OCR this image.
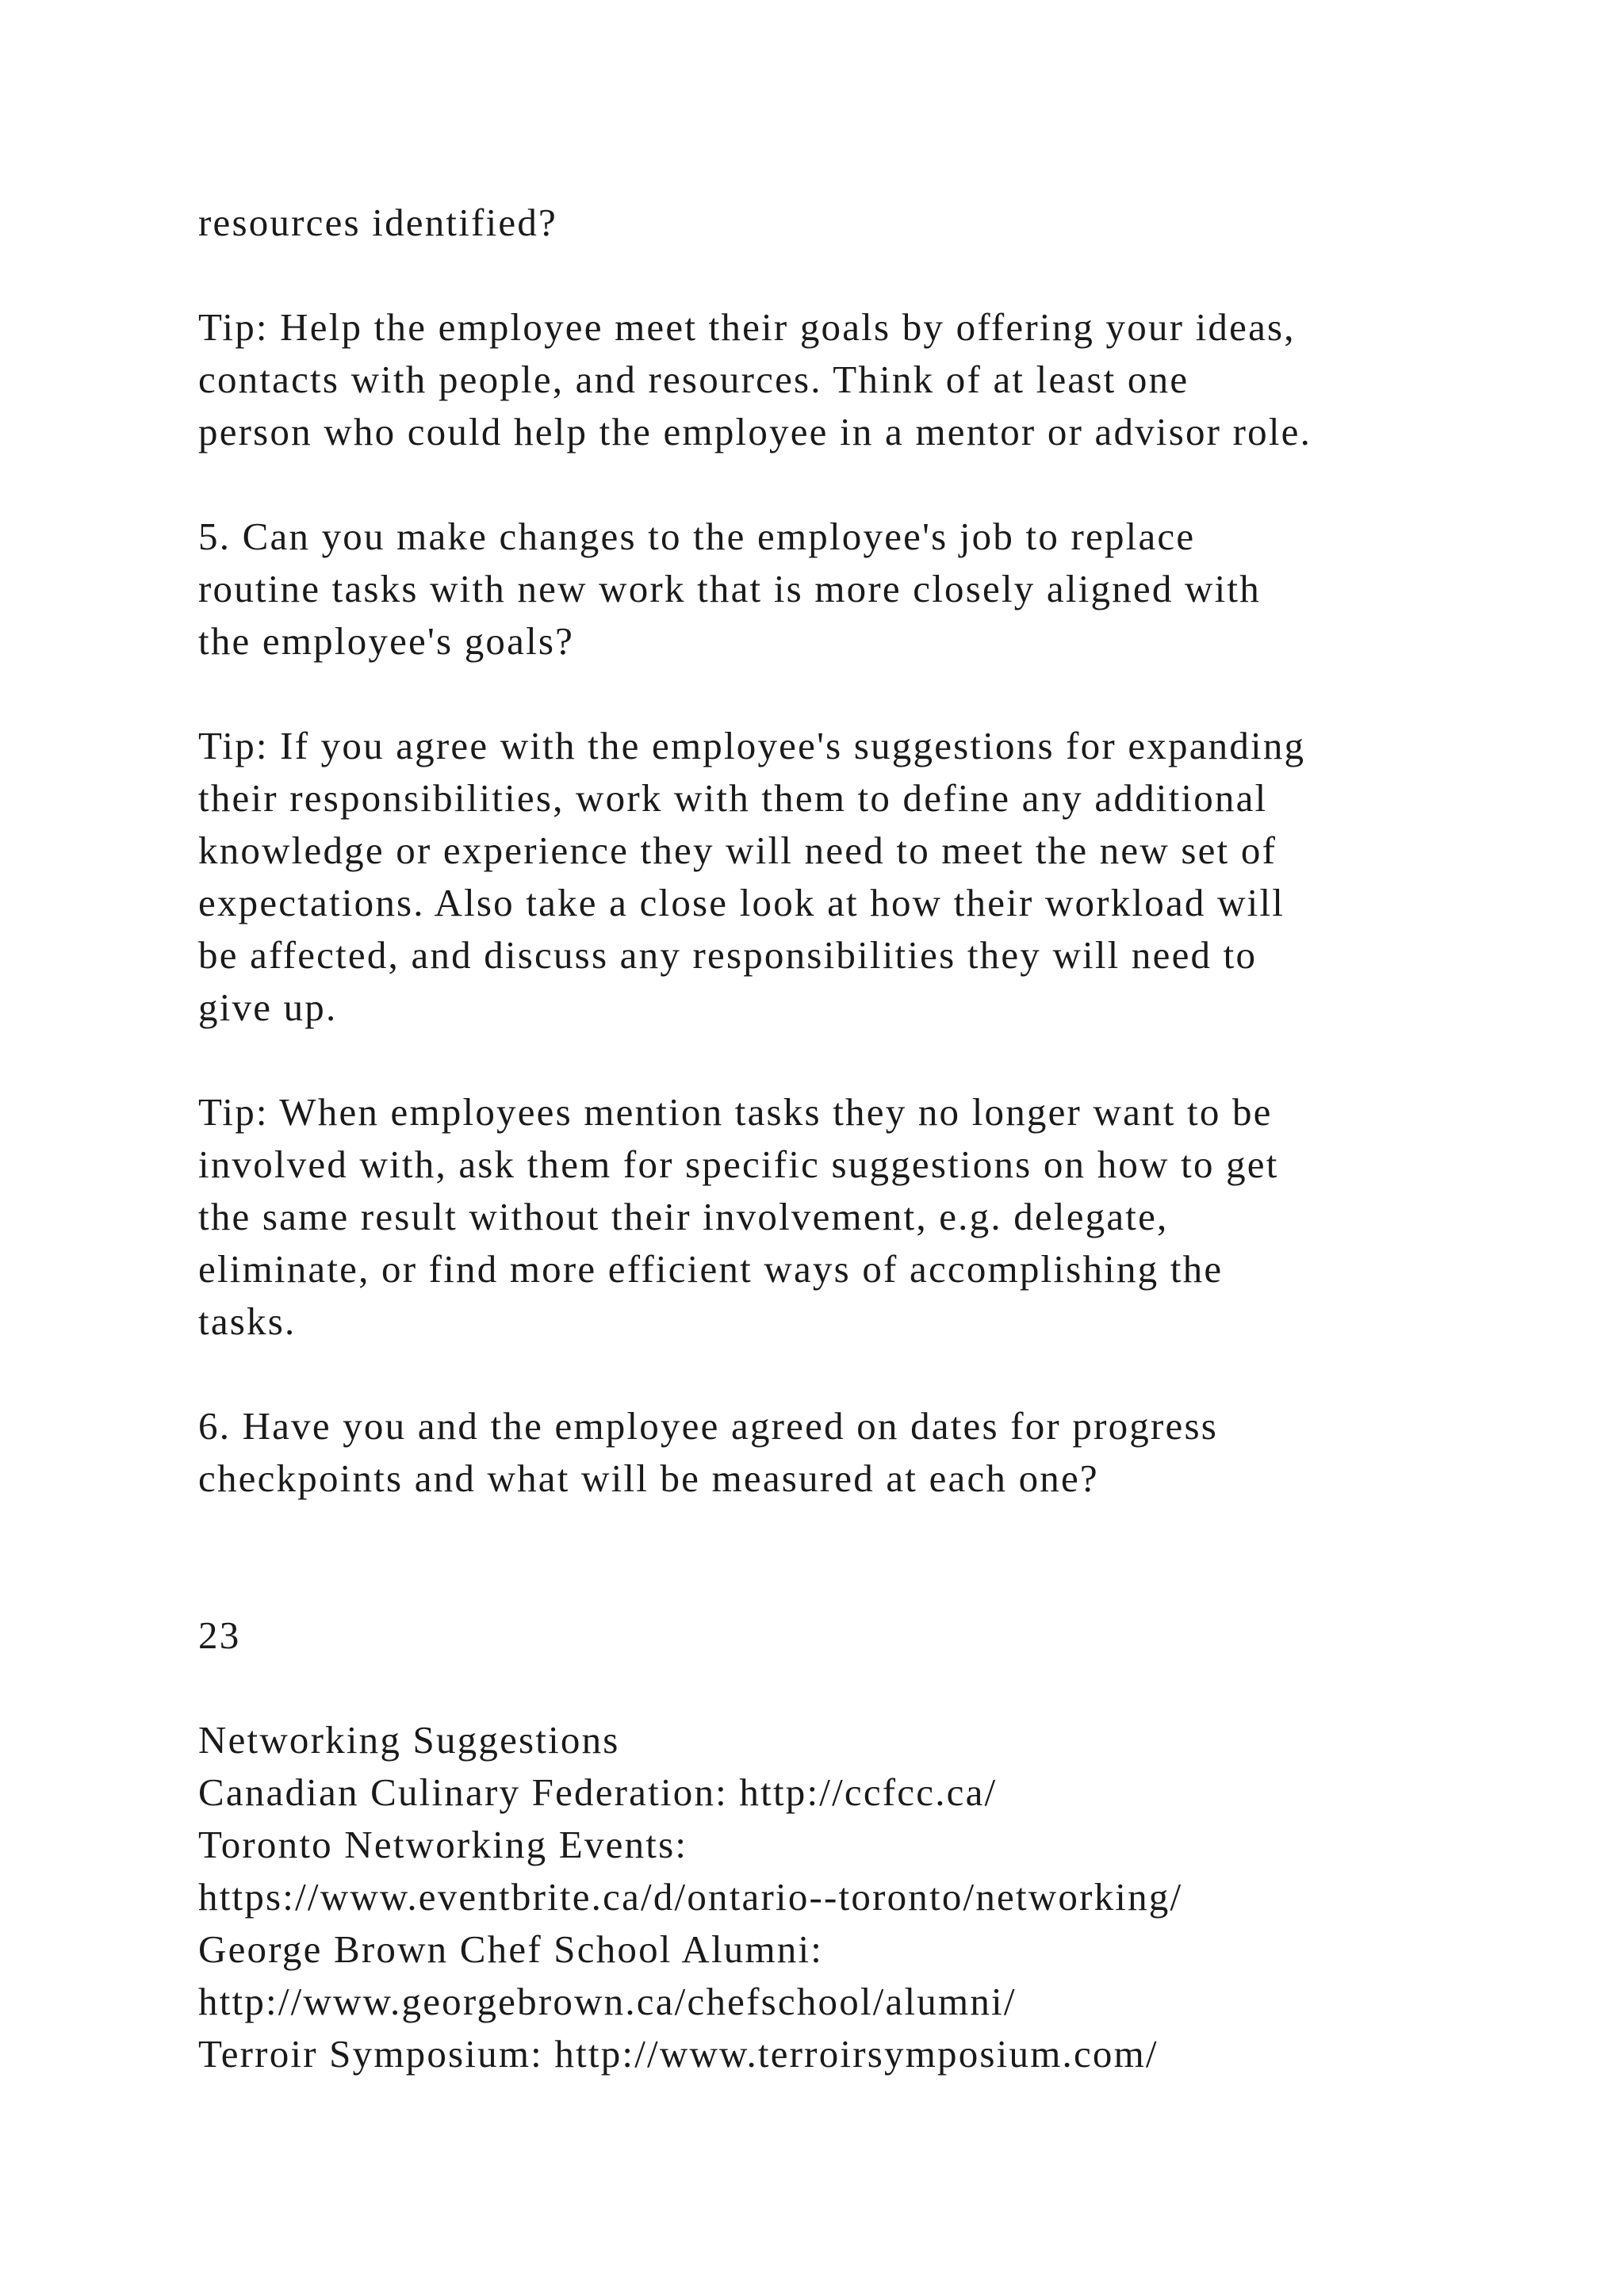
resources identified?
Tip: Help the employee meet their goals by offering your ideas,
contacts with people, and resources. Think of at least one
person who could help the employee in a mentor or advisor role.
5. Can you make changes to the employee's job to replace
routine tasks with new work that is more closely aligned with
the employee's goals?
Tip: If you agree with the employee's suggestions for expanding
their responsibilities, work with them to define any additional
knowledge or experience they will need to meet the new set of
expectations. Also take a close look at how their workload will
be affected, and discuss any responsibilities they will need to
give up.
Tip: When employees mention tasks they no longer want to be
involved with, ask them for specific suggestions on how to get
the same result without their involvement, e.g. delegate,
eliminate, or find more efficient ways of accomplishing the
tasks.
6. Have you and the employee agreed on dates for progress
checkpoints and what will be measured at each one?
23
Networking Suggestions
Canadian Culinary Federation: http://ccfcc.ca/
Toronto Networking Events:
https://www.eventbrite.ca/d/ontario--toronto/networking/
George Brown Chef School Alumni:
http://www.georgebrown.ca/chefschool/alumni/
Terroir Symposium: http://www.terroirsymposium.com/
